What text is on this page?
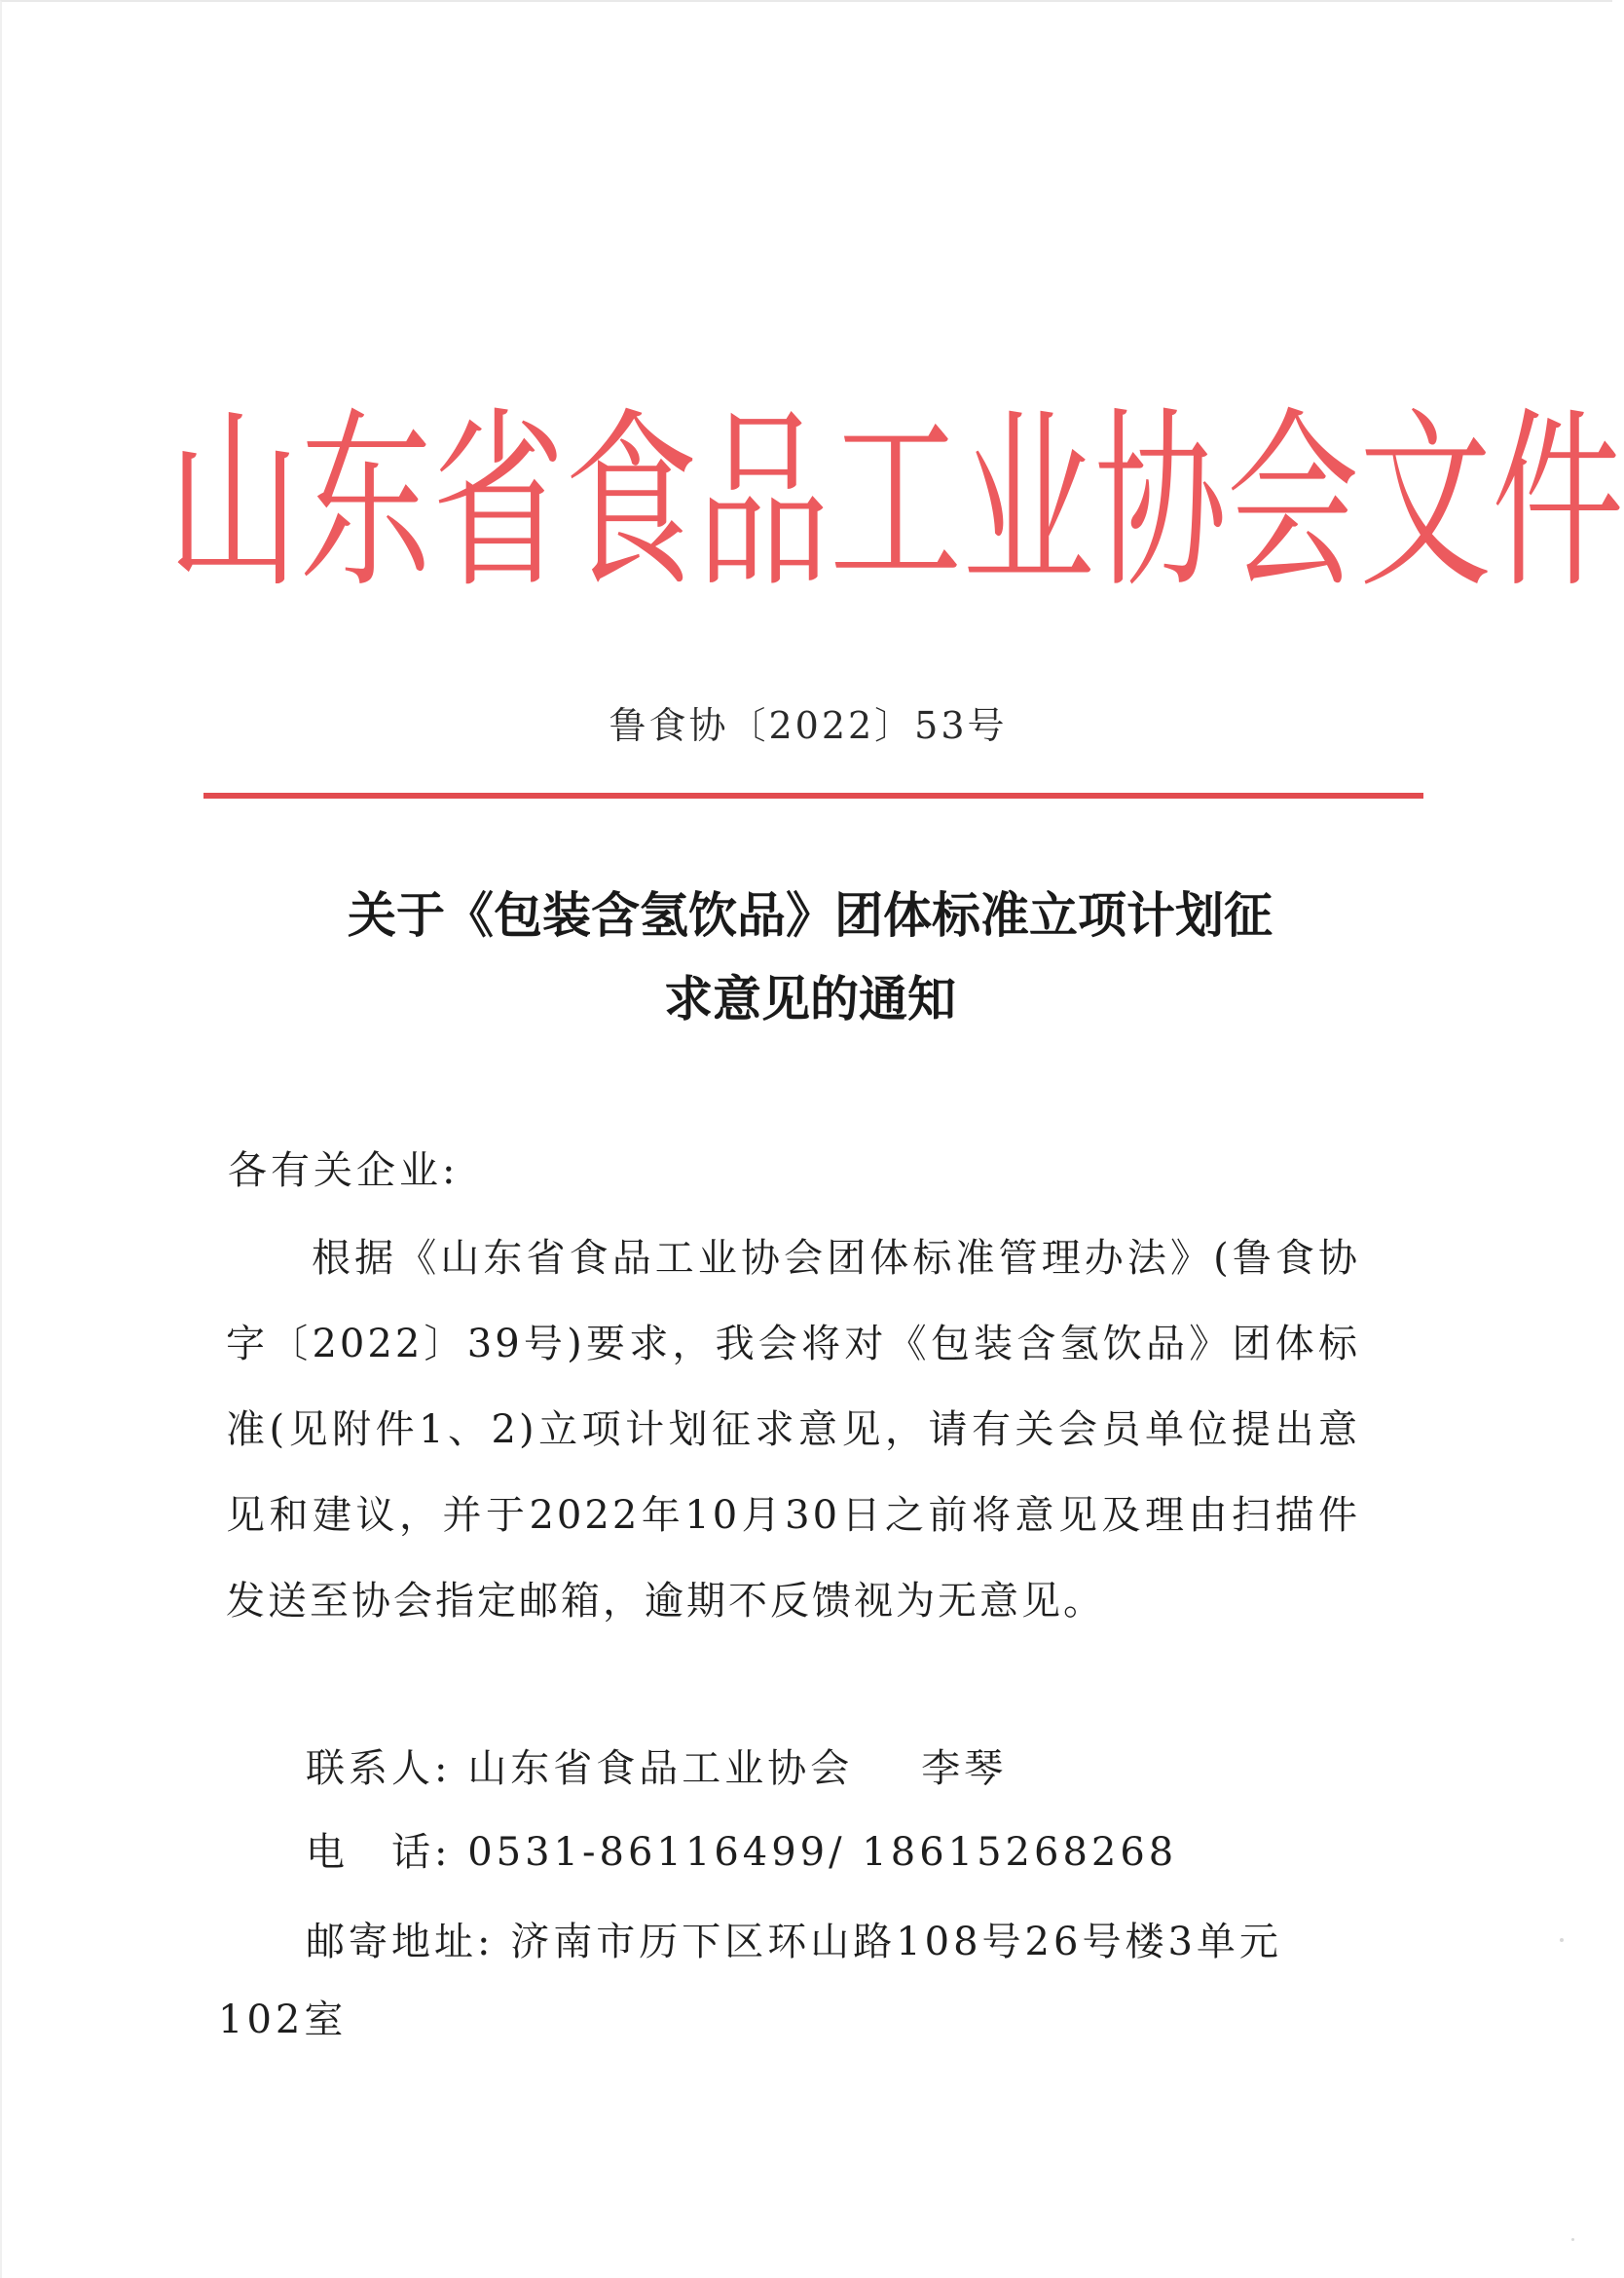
山 东 省 食 品 工 业 协 会 文 件
鲁食协〔2022〕53号
关于《包装含氢饮品》团体标准立项计划征
求意见的通知
各有关企业:

根据《山东省食品工业协会团体标准管理办法》(鲁食协字〔2022〕39号)要求，我会将对《包装含氢饮品》团体标准(见附件1、2)立项计划征求意见，请有关会员单位提出意见和建议，并于2022年10月30日之前将意见及理由扫描件发送至协会指定邮箱，逾期不反馈视为无意见。

联系人: 山东省食品工业协会 李琴
电 话: 0531-86116499/ 18615268268
邮寄地址: 济南市历下区环山路108号26号楼3单元
102室
